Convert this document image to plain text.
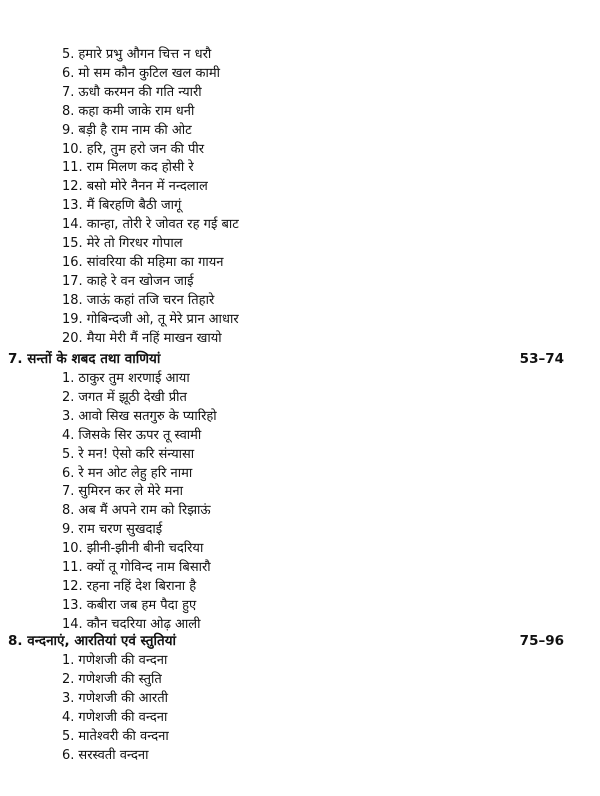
5. हमारे प्रभु औगन चित्त न धरौ
6. मो सम कौन कुटिल खल कामी
7. ऊधौ करमन की गति न्यारी
8. कहा कमी जाके राम धनी
9. बड़ी है राम नाम की ओट
10. हरि, तुम हरो जन की पीर
11. राम मिलण कद होसी रे
12. बसो मोरे नैनन में नन्दलाल
13. मैं बिरहणि बैठी जागूं
14. कान्हा, तोरी रे जोवत रह गई बाट
15. मेरे तो गिरधर गोपाल
16. सांवरिया की महिमा का गायन
17. काहे रे वन खोजन जाई
18. जाऊं कहां तजि चरन तिहारे
19. गोबिन्दजी ओ, तू मेरे प्रान आधार
20. मैया मेरी मैं नहिं माखन खायो
7. सन्तों के शबद तथा वाणियां	53–74
1. ठाकुर तुम शरणाई आया
2. जगत में झूठी देखी प्रीत
3. आवो सिख सतगुरु के प्यारिहो
4. जिसके सिर ऊपर तू स्वामी
5. रे मन! ऐसो करि संन्यासा
6. रे मन ओट लेहु हरि नामा
7. सुमिरन कर ले मेरे मना
8. अब मैं अपने राम को रिझाऊं
9. राम चरण सुखदाई
10. झीनी-झीनी बीनी चदरिया
11. क्यों तू गोविन्द नाम बिसारौ
12. रहना नहिं देश बिराना है
13. कबीरा जब हम पैदा हुए
14. कौन चदरिया ओढ़ आली
8. वन्दनाएं, आरतियां एवं स्तुतियां	75–96
1. गणेशजी की वन्दना
2. गणेशजी की स्तुति
3. गणेशजी की आरती
4. गणेशजी की वन्दना
5. मातेश्वरी की वन्दना
6. सरस्वती वन्दना
